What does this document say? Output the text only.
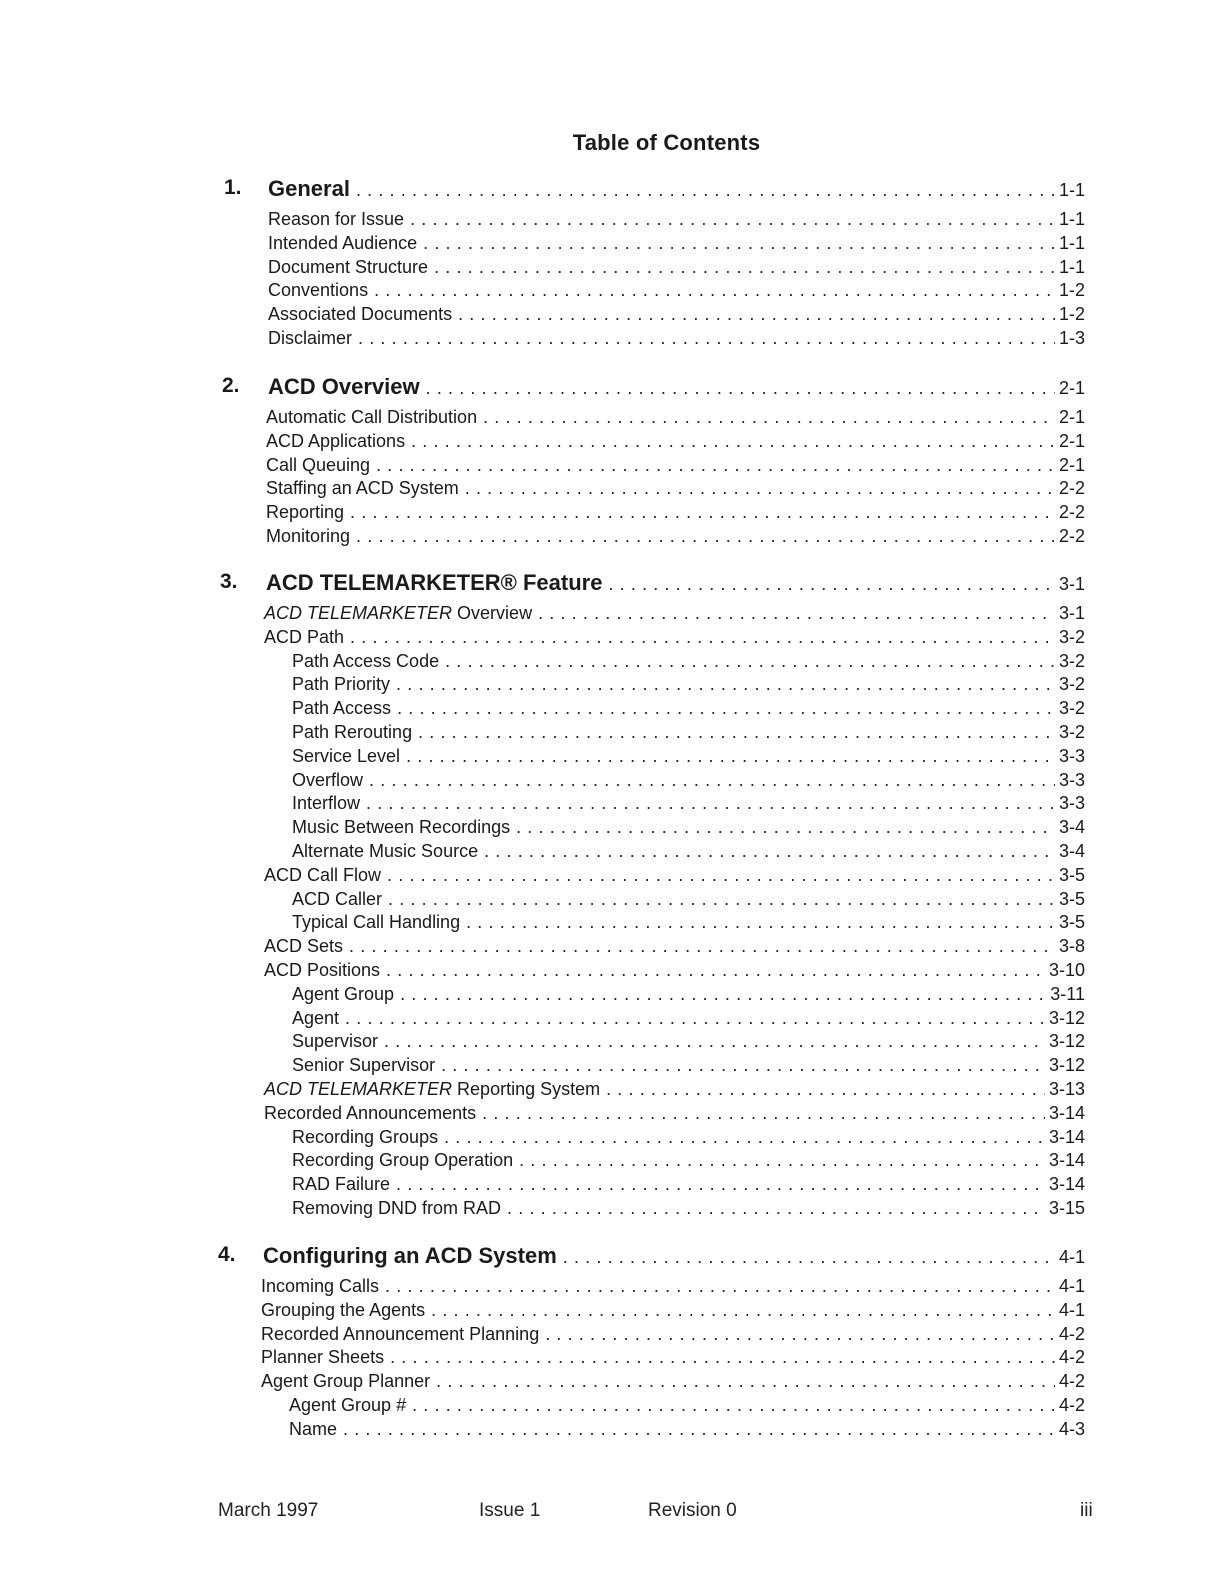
Table of Contents
1. General . . .	1-1
Reason for Issue . . .	1-1
Intended Audience . . .	1-1
Document Structure . . .	1-1
Conventions . . .	1-2
Associated Documents . . .	1-2
Disclaimer . . .	1-3
2. ACD Overview . . .	2-1
Automatic Call Distribution . . .	2-1
ACD Applications . . .	2-1
Call Queuing . . .	2-1
Staffing an ACD System . . .	2-2
Reporting . . .	2-2
Monitoring . . .	2-2
3. ACD TELEMARKETER® Feature . . .	3-1
ACD TELEMARKETER Overview . . .	3-1
ACD Path . . .	3-2
Path Access Code . . .	3-2
Path Priority . . .	3-2
Path Access . . .	3-2
Path Rerouting . . .	3-2
Service Level . . .	3-3
Overflow . . .	3-3
Interflow . . .	3-3
Music Between Recordings . . .	3-4
Alternate Music Source . . .	3-4
ACD Call Flow . . .	3-5
ACD Caller . . .	3-5
Typical Call Handling . . .	3-5
ACD Sets . . .	3-8
ACD Positions . . .	3-10
Agent Group . . .	3-11
Agent . . .	3-12
Supervisor . . .	3-12
Senior Supervisor . . .	3-12
ACD TELEMARKETER Reporting System . . .	3-13
Recorded Announcements . . .	3-14
Recording Groups . . .	3-14
Recording Group Operation . . .	3-14
RAD Failure . . .	3-14
Removing DND from RAD . . .	3-15
4. Configuring an ACD System . . .	4-1
Incoming Calls . . .	4-1
Grouping the Agents . . .	4-1
Recorded Announcement Planning . . .	4-2
Planner Sheets . . .	4-2
Agent Group Planner . . .	4-2
Agent Group # . . .	4-2
Name . . .	4-3
March 1997	Issue 1	Revision 0	iii
